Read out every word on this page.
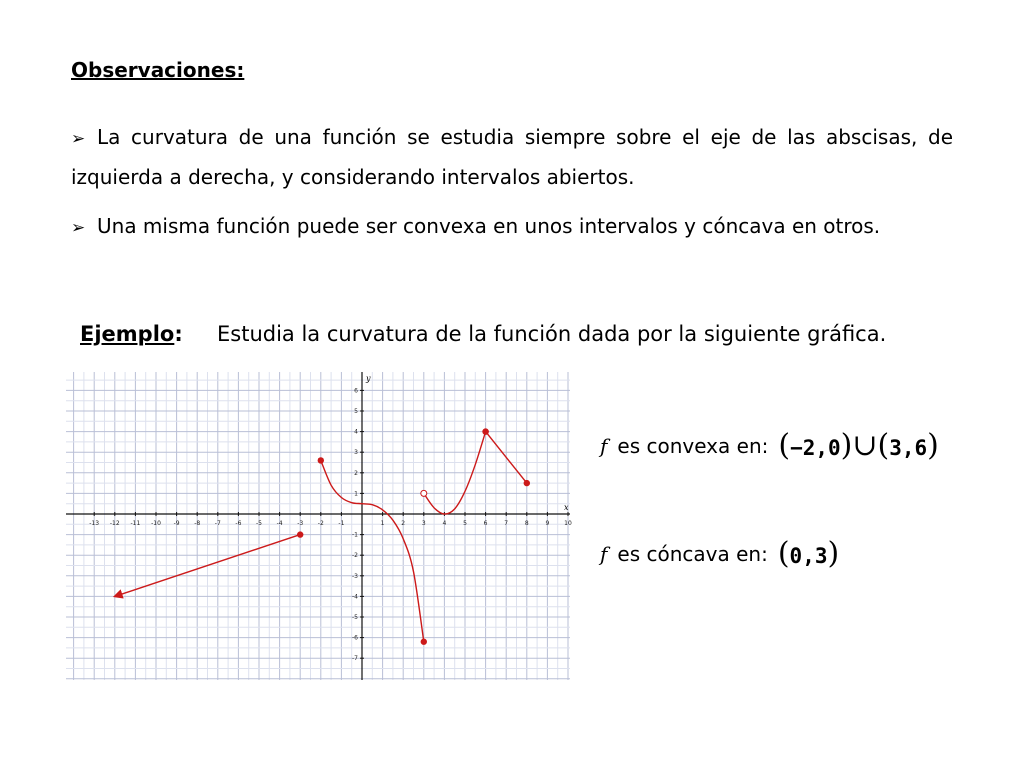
Observaciones:
➢ La curvatura de una función se estudia siempre sobre el eje de las abscisas, de izquierda a derecha, y considerando intervalos abiertos.
➢ Una misma función puede ser convexa en unos intervalos y cóncava en otros.
Ejemplo: Estudia la curvatura de la función dada por la siguiente gráfica.
x
y
-13 -12 -11 -10 -9 -8 -7 -6 -5 -4 -3 -2 -1	1	2	3	4	5	6	7	8	9 10
6
5
4
3
2
1
-1
-2
-3
-4
-5
-6
-7
f es convexa en: (−2,0)∪(3,6)
f es cóncava en: (0,3)
